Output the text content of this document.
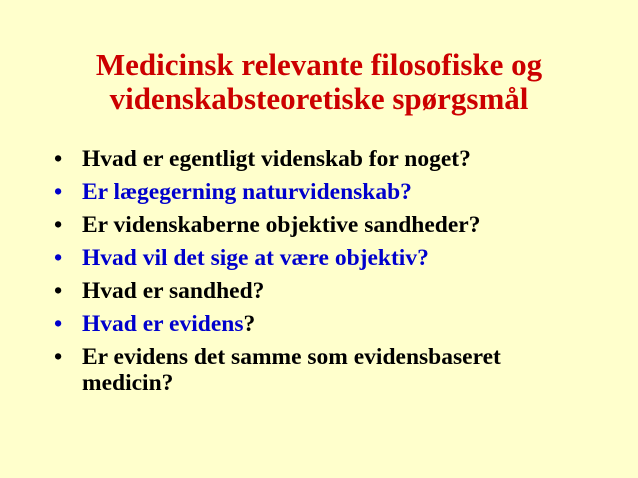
Medicinsk relevante filosofiske og
videnskabsteoretiske spørgsmål
• Hvad er egentligt videnskab for noget?
• Er lægegerning naturvidenskab?
• Er videnskaberne objektive sandheder?
• Hvad vil det sige at være objektiv?
• Hvad er sandhed?
• Hvad er evidens?
• Er evidens det samme som evidensbaseret
medicin?
